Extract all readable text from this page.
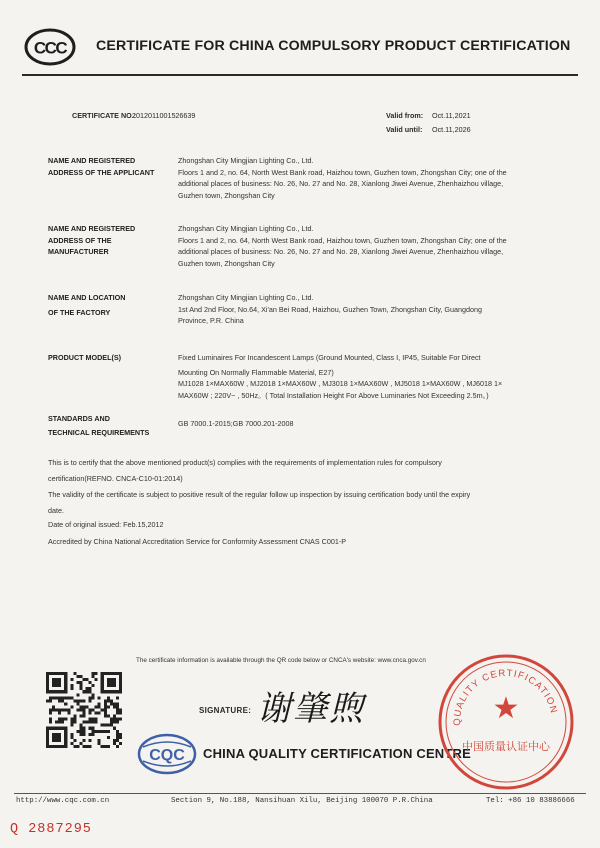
CCC CERTIFICATE FOR CHINA COMPULSORY PRODUCT CERTIFICATION
CERTIFICATE NO.:
2012011001526639	Valid from: Oct.11,2021
Valid until: Oct.11,2026
NAME AND REGISTERED
ADDRESS OF THE APPLICANT
Zhongshan City Mingjian Lighting Co., Ltd.
Floors 1 and 2, no. 64, North West Bank road, Haizhou town, Guzhen town, Zhongshan City; one of the
additional places of business: No. 26, No. 27 and No. 28, Xianlong Jiwei Avenue, Zhenhaizhou village,
Guzhen town, Zhongshan City
NAME AND REGISTERED
ADDRESS OF THE
MANUFACTURER
Zhongshan City Mingjian Lighting Co., Ltd.
Floors 1 and 2, no. 64, North West Bank road, Haizhou town, Guzhen town, Zhongshan City; one of the
additional places of business: No. 26, No. 27 and No. 28, Xianlong Jiwei Avenue, Zhenhaizhou village,
Guzhen town, Zhongshan City
NAME AND LOCATION
OF THE FACTORY
Zhongshan City Mingjian Lighting Co., Ltd.
1st And 2nd Floor, No.64, Xi'an Bei Road, Haizhou, Guzhen Town, Zhongshan City, Guangdong
Province, P.R. China
PRODUCT MODEL(S)	Fixed Luminaires For Incandescent Lamps (Ground Mounted, Class Ⅰ, IP45, Suitable For Direct
Mounting On Normally Flammable Material, E27)
MJ1028 1×MAX60W , MJ2018 1×MAX60W , MJ3018 1×MAX60W , MJ5018 1×MAX60W , MJ6018 1×
MAX60W ; 220V~ , 50Hz。( Total Installation Height For Above Luminaries Not Exceeding 2.5m。)
STANDARDS AND
TECHNICAL REQUIREMENTS
GB 7000.1-2015;GB 7000.201-2008
This is to certify that the above mentioned product(s) complies with the requirements of implementation rules for compulsory
certification(REFNO. CNCA-C10-01:2014)
The validity of the certificate is subject to positive result of the regular follow up inspection by issuing certification body until the expiry
date.
Date of original issued: Feb.15,2012
Accredited by China National Accreditation Service for Conformity Assessment CNAS C001-P
The certificate information is available through the QR code below or CNCA's website: www.cnca.gov.cn
SIGNATURE: 谢肇煦
CQC CHINA QUALITY CERTIFICATION CENTRE
QUALITY CERTIFICATION
★
中国质量认证中心
http://www.cqc.com.cn	Section 9, No.188, Nansihuan Xilu, Beijing 100070 P.R.China	Tel: +86 10 83886666
Q 2887295
